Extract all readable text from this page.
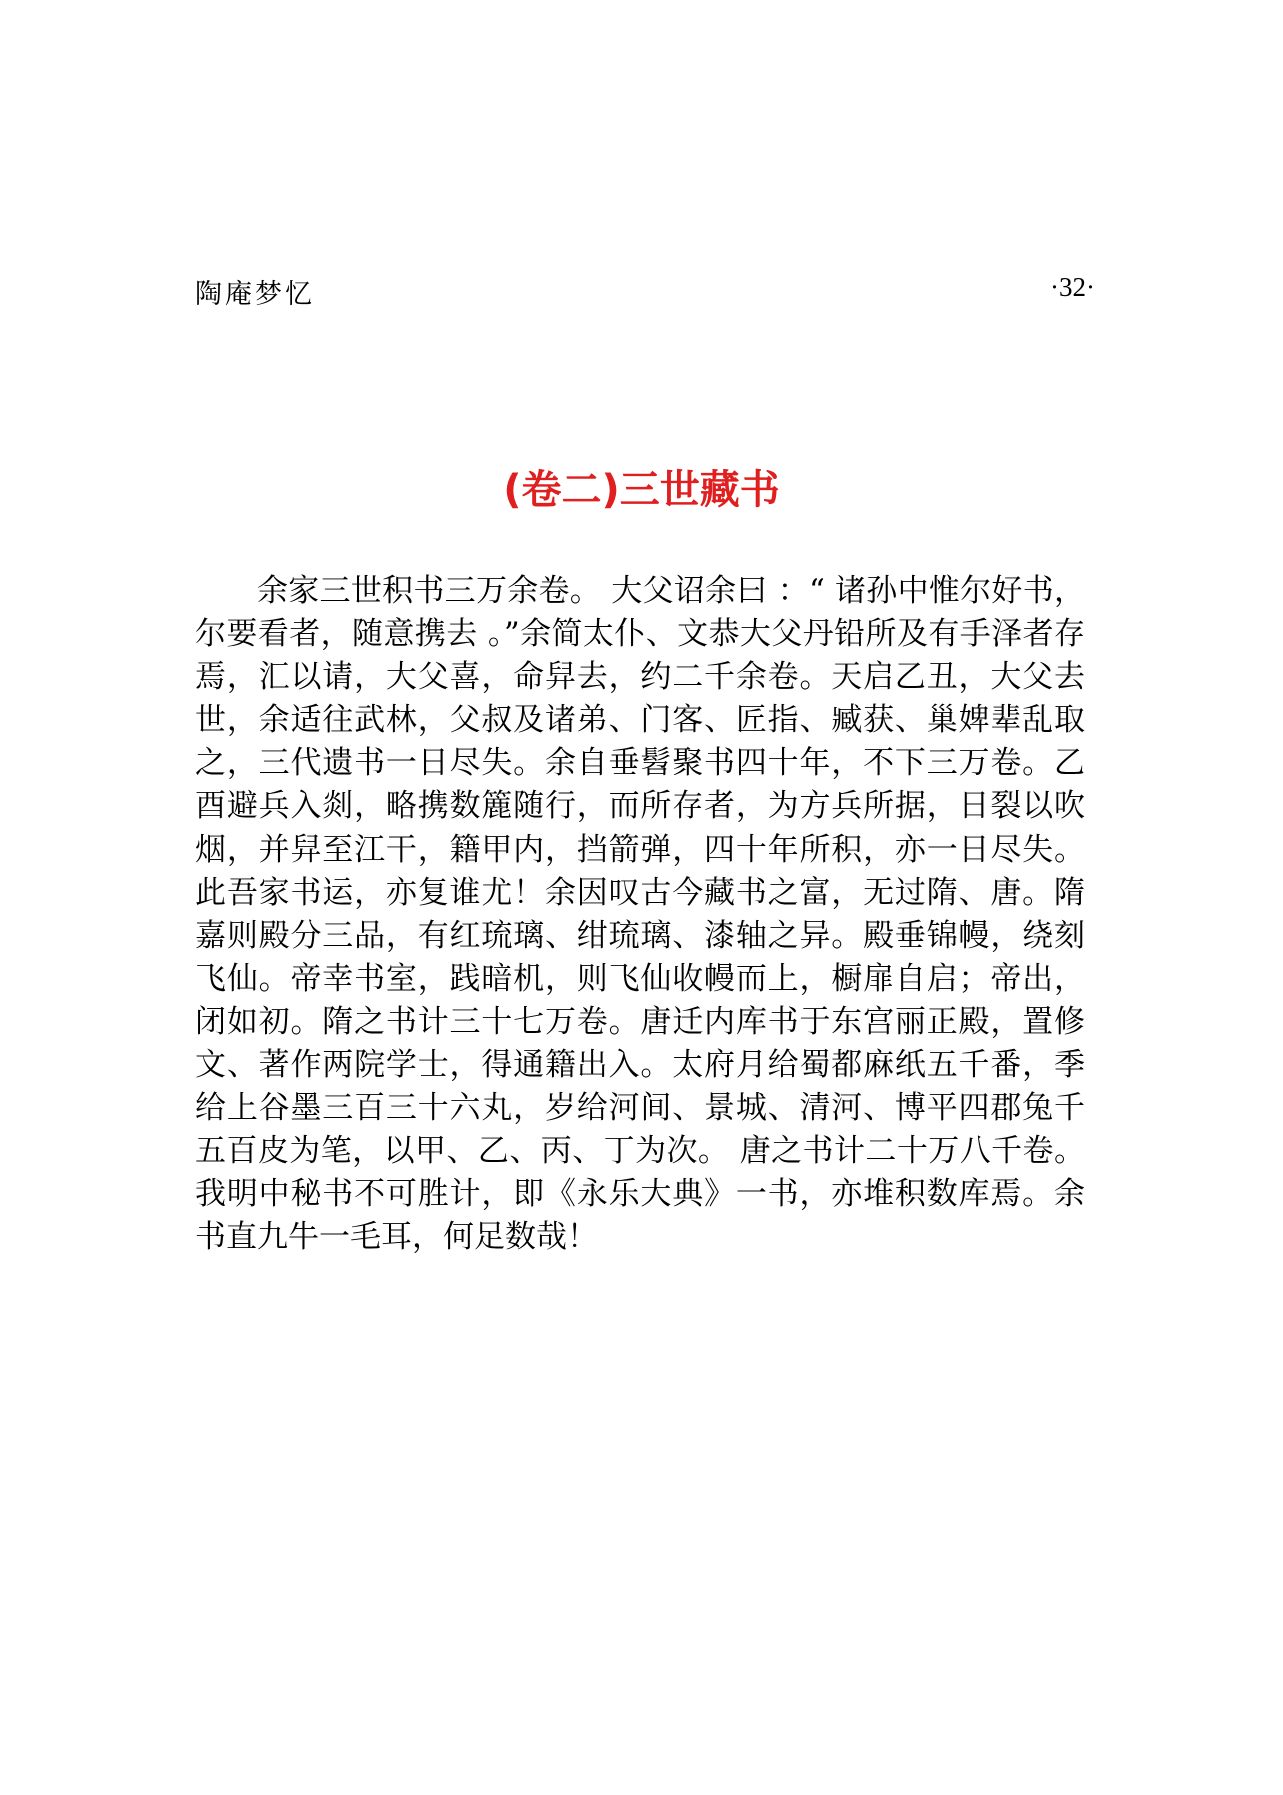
陶庵梦忆	·32·
(卷二)三世藏书
余家三世积书三万余卷。 大父诏余曰 ：“ 诸孙中惟尔好书，尔要看者，随意携去 。”余简太仆、文恭大父丹铅所及有手泽者存焉，汇以请，大父喜，命舁去，约二千余卷。天启乙丑，大父去世，余适往武林，父叔及诸弟、门客、匠指、臧获、巢婢辈乱取之，三代遗书一日尽失。余自垂髫聚书四十年，不下三万卷。乙酉避兵入剡，略携数簏随行，而所存者，为方兵所据，日裂以吹烟，并舁至江干，籍甲内，挡箭弹，四十年所积，亦一日尽失。此吾家书运，亦复谁尤！余因叹古今藏书之富，无过隋、唐。隋嘉则殿分三品，有红琉璃、绀琉璃、漆轴之异。殿垂锦幔，绕刻飞仙。帝幸书室，践暗机，则飞仙收幔而上，橱扉自启；帝出，闭如初。隋之书计三十七万卷。唐迁内库书于东宫丽正殿，置修文、著作两院学士，得通籍出入。太府月给蜀都麻纸五千番，季给上谷墨三百三十六丸，岁给河间、景城、清河、博平四郡兔千五百皮为笔，以甲、乙、丙、丁为次。 唐之书计二十万八千卷。 我明中秘书不可胜计，即《永乐大典》一书，亦堆积数库焉。余书直九牛一毛耳，何足数哉！
